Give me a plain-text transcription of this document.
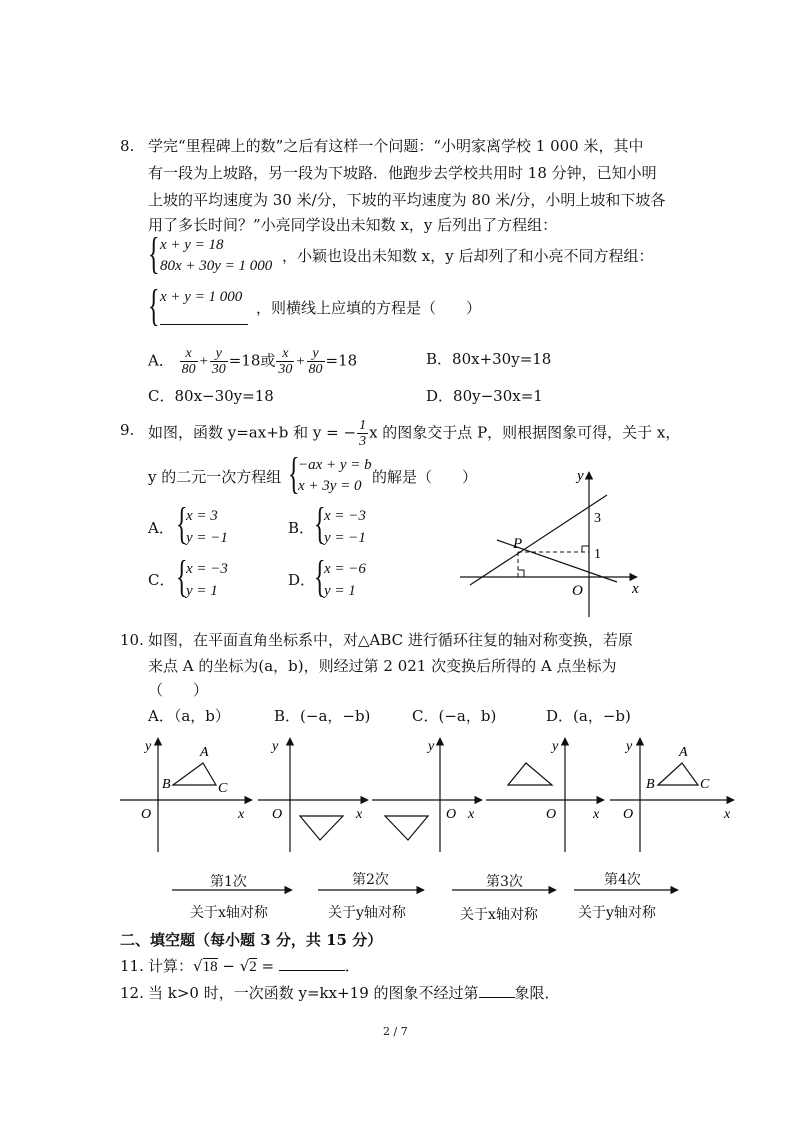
8. 学完“里程碑上的数”之后有这样一个问题：“小明家离学校 1 000 米，其中
有一段为上坡路，另一段为下坡路．他跑步去学校共用时 18 分钟，已知小明
上坡的平均速度为 30 米/分，下坡的平均速度为 80 米/分，小明上坡和下坡各
用了多长时间？”小亮同学设出未知数 x，y 后列出了方程组：
{ x + y = 18
80x + 30y = 1 000
，小颖也设出未知数 x，y 后却列了和小亮不同方程组：
{ x + y = 1 000
，则横线上应填的方程是（　　）
A． $\frac{x}{80} + \frac{y}{30} =18$或 $\frac{x}{30} + \frac{y}{80} =18$	B．80x+30y=18
C．80x−30y=18	D．80y−30x=1
9. 如图，函数 y=ax+b 和 y = − $\frac{1}{3}$ x 的图象交于点 P，则根据图象可得，关于 x，
y 的二元一次方程组 {
−ax + y = b
x + 3y = 0 的解是（　　）
A． {
x = 3
y = −1
B． {
x = −3
y = −1
C． {
x = −3
y = 1
D．
{
x = −6
y = 1
y
x
O
P
3
1
10. 如图，在平面直角坐标系中，对△ABC 进行循环往复的轴对称变换，若原
来点 A 的坐标为(a，b)，则经过第 2 021 次变换后所得的 A 点坐标为
（　　）
A．（a，b）	B．(−a，−b)	C．(−a，b)	D．(a，−b)
y
x
O
A
B	C
y
x
O
y
x
O
y
x
O
y
x
O
A
B	C
第1次
关于x轴对称
第2次
关于y轴对称
第3次
关于x轴对称
第4次
关于y轴对称
二、填空题（每小题 3 分，共 15 分）
11. 计算：√18 − √2 =	．
12. 当 k>0 时，一次函数 y=kx+19 的图象不经过第 象限．
2 / 7
